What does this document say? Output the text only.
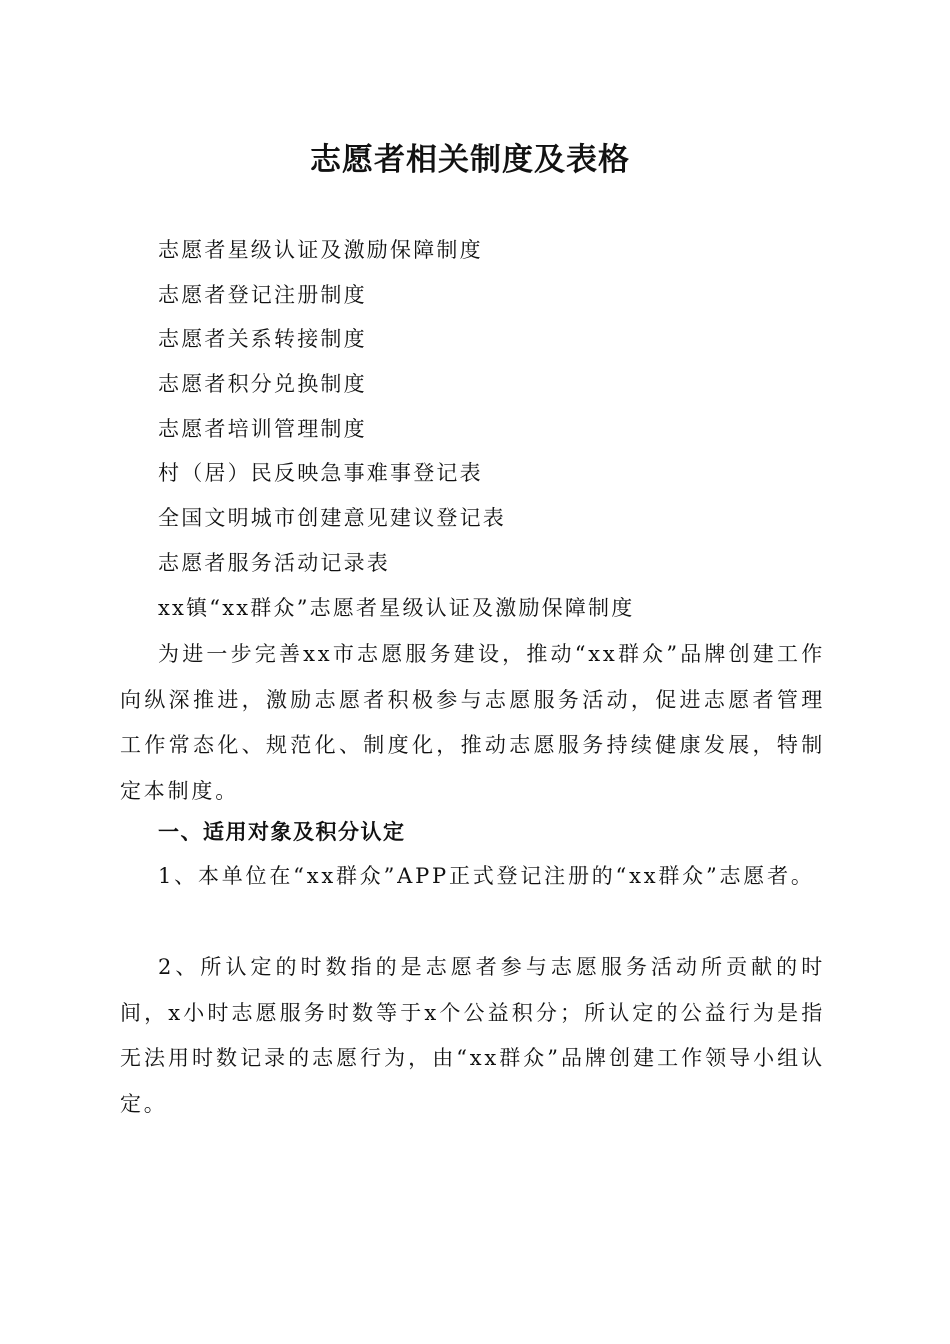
志愿者相关制度及表格
志愿者星级认证及激励保障制度
志愿者登记注册制度
志愿者关系转接制度
志愿者积分兑换制度
志愿者培训管理制度
村（居）民反映急事难事登记表
全国文明城市创建意见建议登记表
志愿者服务活动记录表
xx镇“xx群众”志愿者星级认证及激励保障制度

为进一步完善xx市志愿服务建设，推动“xx群众”品牌创建工作向纵深推进，激励志愿者积极参与志愿服务活动，促进志愿者管理工作常态化、规范化、制度化，推动志愿服务持续健康发展，特制定本制度。

一、适用对象及积分认定

1、本单位在“xx群众”APP正式登记注册的“xx群众”志愿者。

2、所认定的时数指的是志愿者参与志愿服务活动所贡献的时间，x小时志愿服务时数等于x个公益积分；所认定的公益行为是指无法用时数记录的志愿行为，由“xx群众”品牌创建工作领导小组认定。
